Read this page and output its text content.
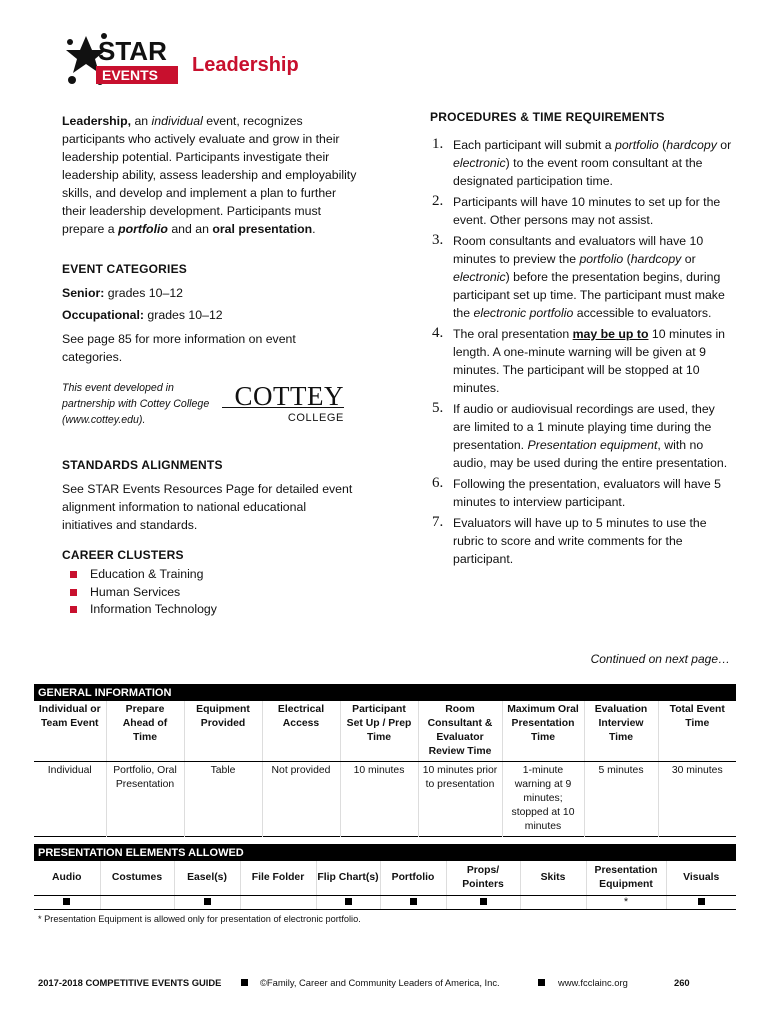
STAR
EVENTS Leadership

Leadership, an individual event, recognizes participants who actively evaluate and grow in their leadership potential. Participants investigate their leadership ability, assess leadership and employability skills, and develop and implement a plan to further their leadership development. Participants must prepare a portfolio and an oral presentation.

EVENT CATEGORIES
Senior: grades 10–12
Occupational: grades 10–12

See page 85 for more information on event categories.

This event developed in partnership with Cottey College (www.cottey.edu).
COTTEY
COLLEGE
STANDARDS ALIGNMENTS

See STAR Events Resources Page for detailed event alignment information to national educational initiatives and standards.

CAREER CLUSTERS
Education & Training
Human Services
Information Technology
PROCEDURES & TIME REQUIREMENTS
1. Each participant will submit a portfolio (hardcopy or electronic) to the event room consultant at the designated participation time.
2. Participants will have 10 minutes to set up for the event. Other persons may not assist.
3. Room consultants and evaluators will have 10 minutes to preview the portfolio (hardcopy or electronic) before the presentation begins, during participant set up time. The participant must make the electronic portfolio accessible to evaluators.
4. The oral presentation may be up to 10 minutes in length. A one-minute warning will be given at 9 minutes. The participant will be stopped at 10 minutes.
5. If audio or audiovisual recordings are used, they are limited to a 1 minute playing time during the presentation. Presentation equipment, with no audio, may be used during the entire presentation.
6. Following the presentation, evaluators will have 5 minutes to interview participant.
7. Evaluators will have up to 5 minutes to use the rubric to score and write comments for the participant.
Continued on next page…
GENERAL INFORMATION								
Individual or Team Event	Prepare Ahead of Time	Equipment Provided	Electrical Access	Participant Set Up / Prep Time	Room Consultant & Evaluator Review Time	Maximum Oral Presentation Time	Evaluation Interview Time	Total Event Time
Individual	Portfolio, Oral Presentation	Table	Not provided	10 minutes	10 minutes prior to presentation	1-minute warning at 9 minutes; stopped at 10 minutes	5 minutes	30 minutes
PRESENTATION ELEMENTS ALLOWED									
Audio	Costumes	Easel(s)	File Folder	Flip Chart(s)	Portfolio	Props/ Pointers	Skits	Presentation Equipment	Visuals
								*	
* Presentation Equipment is allowed only for presentation of electronic portfolio.
2017-2018 COMPETITIVE EVENTS GUIDE	©Family, Career and Community Leaders of America, Inc.	www.fcclainc.org	260
